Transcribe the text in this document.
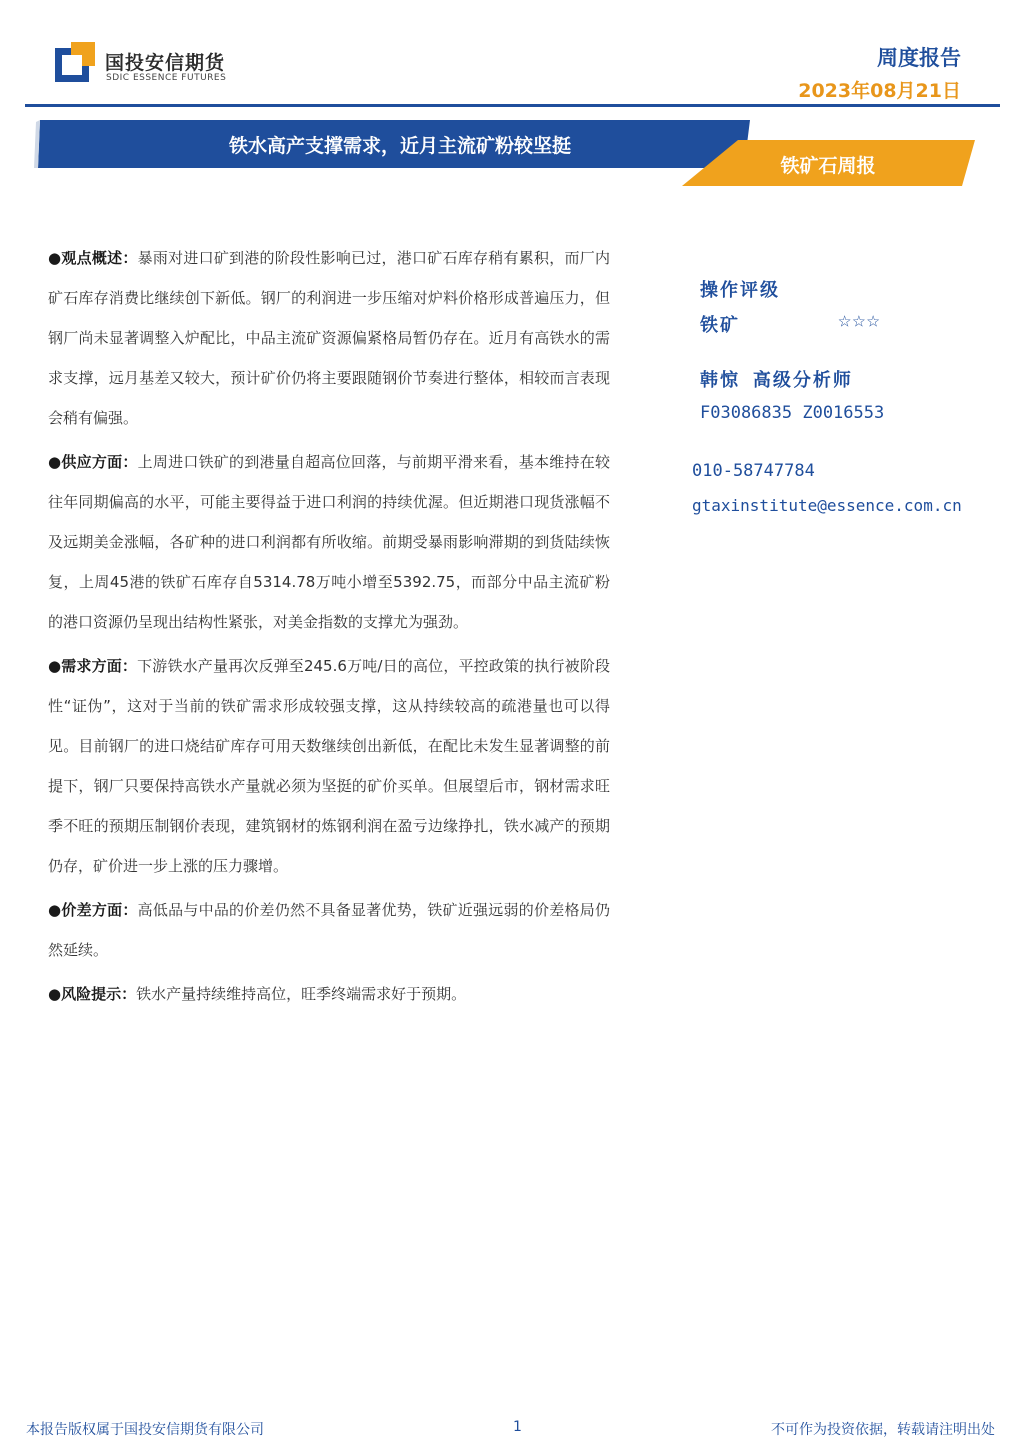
国投安信期货
SDIC ESSENCE FUTURES
周度报告
2023年08月21日
铁水高产支撑需求，近月主流矿粉较坚挺
铁矿石周报

●观点概述：暴雨对进口矿到港的阶段性影响已过，港口矿石库存稍有累积，而厂内矿石库存消费比继续创下新低。钢厂的利润进一步压缩对炉料价格形成普遍压力，但钢厂尚未显著调整入炉配比，中品主流矿资源偏紧格局暂仍存在。近月有高铁水的需求支撑，远月基差又较大，预计矿价仍将主要跟随钢价节奏进行整体，相较而言表现会稍有偏强。

●供应方面：上周进口铁矿的到港量自超高位回落，与前期平滑来看，基本维持在较往年同期偏高的水平，可能主要得益于进口利润的持续优渥。但近期港口现货涨幅不及远期美金涨幅，各矿种的进口利润都有所收缩。前期受暴雨影响滞期的到货陆续恢复，上周45港的铁矿石库存自5314.78万吨小增至5392.75，而部分中品主流矿粉的港口资源仍呈现出结构性紧张，对美金指数的支撑尤为强劲。

●需求方面：下游铁水产量再次反弹至245.6万吨/日的高位，平控政策的执行被阶段性“证伪”，这对于当前的铁矿需求形成较强支撑，这从持续较高的疏港量也可以得见。目前钢厂的进口烧结矿库存可用天数继续创出新低，在配比未发生显著调整的前提下，钢厂只要保持高铁水产量就必须为坚挺的矿价买单。但展望后市，钢材需求旺季不旺的预期压制钢价表现，建筑钢材的炼钢利润在盈亏边缘挣扎，铁水减产的预期仍存，矿价进一步上涨的压力骤增。

●价差方面：高低品与中品的价差仍然不具备显著优势，铁矿近强远弱的价差格局仍然延续。

●风险提示：铁水产量持续维持高位，旺季终端需求好于预期。

操作评级
铁矿	☆☆☆
韩惊 高级分析师
F03086835 Z0016553
010-58747784
gtaxinstitute@essence.com.cn
本报告版权属于国投安信期货有限公司	1	不可作为投资依据，转载请注明出处
